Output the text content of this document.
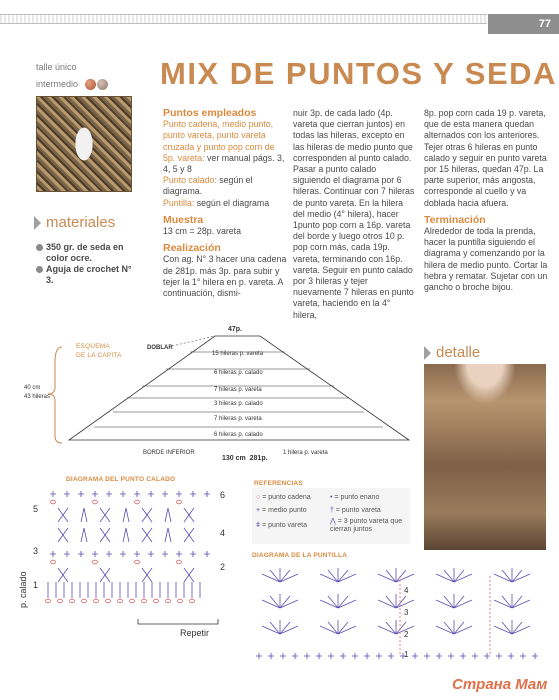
77
talle único
intermedio	MIX DE PUNTOS Y SEDA
materiales
350 gr. de seda en color ocre.
Aguja de crochet N° 3.
Puntos empleados

Punto cadena, medio punto, punto vareta, punto vareta cruzada y punto pop corn de 5p. vareta: ver manual págs. 3, 4, 5 y 8

Punto calado: según el diagrama.

Puntilla: según el diagrama

Muestra

13 cm = 28p. vareta

Realización

Con ag. N° 3 hacer una cadena de 281p. más 3p. para subir y tejer la 1° hilera en p. vareta. A continuación, dismi-

nuir 3p. de cada lado (4p. vareta que cierran juntos) en todas las hileras, excepto en las hileras de medio punto que corresponden al punto calado. Pasar a punto calado siguiendo el diagrama por 6 hileras. Continuar con 7 hileras de punto vareta. En la hilera del medio (4° hilera), hacer 1punto pop corn a 16p. vareta del borde y luego otros 10 p. pop corn más, cada 19p. vareta, terminando con 16p. vareta. Seguir en punto calado por 3 hileras y tejer nuevamente 7 hileras en punto vareta, haciendo en la 4° hilera,

8p. pop corn cada 19 p. vareta, que de esta manera quedan alternados con los anteriores. Tejer otras 6 hileras en punto calado y seguir en punto vareta por 15 hileras, quedan 47p. La parte superior, más angosta, corresponde al cuello y va doblada hacia afuera.

Terminación

Alrededor de toda la prenda, hacer la puntilla siguiendo el diagrama y comenzando por la hilera de medio punto. Cortar la hebra y rematar. Sujetar con un gancho o broche bijou.

ESQUEMA
DE LA CAPITA
47p.
DOBLAR
15 hileras p. vareta
6 hileras p. calado
7 hileras p. vareta
3 hileras p. calado
7 hileras p. vareta
6 hileras p. calado
40 cm
43 hileras
BORDE INFERIOR	1 hilera p. vareta
130 cm 281p.
DIAGRAMA DEL PUNTO CALADO
p. calado
6
5
4
3
2
1
Repetir
REFERENCIAS
○ = punto cadena	• = punto enano
+ = medio punto
ǂ = punto vareta
† = punto vareta
⋀ = 3 punto vareta que cierran juntos
detalle
DIAGRAMA DE LA PUNTILLA
4
3
2
1
Страна Мам
